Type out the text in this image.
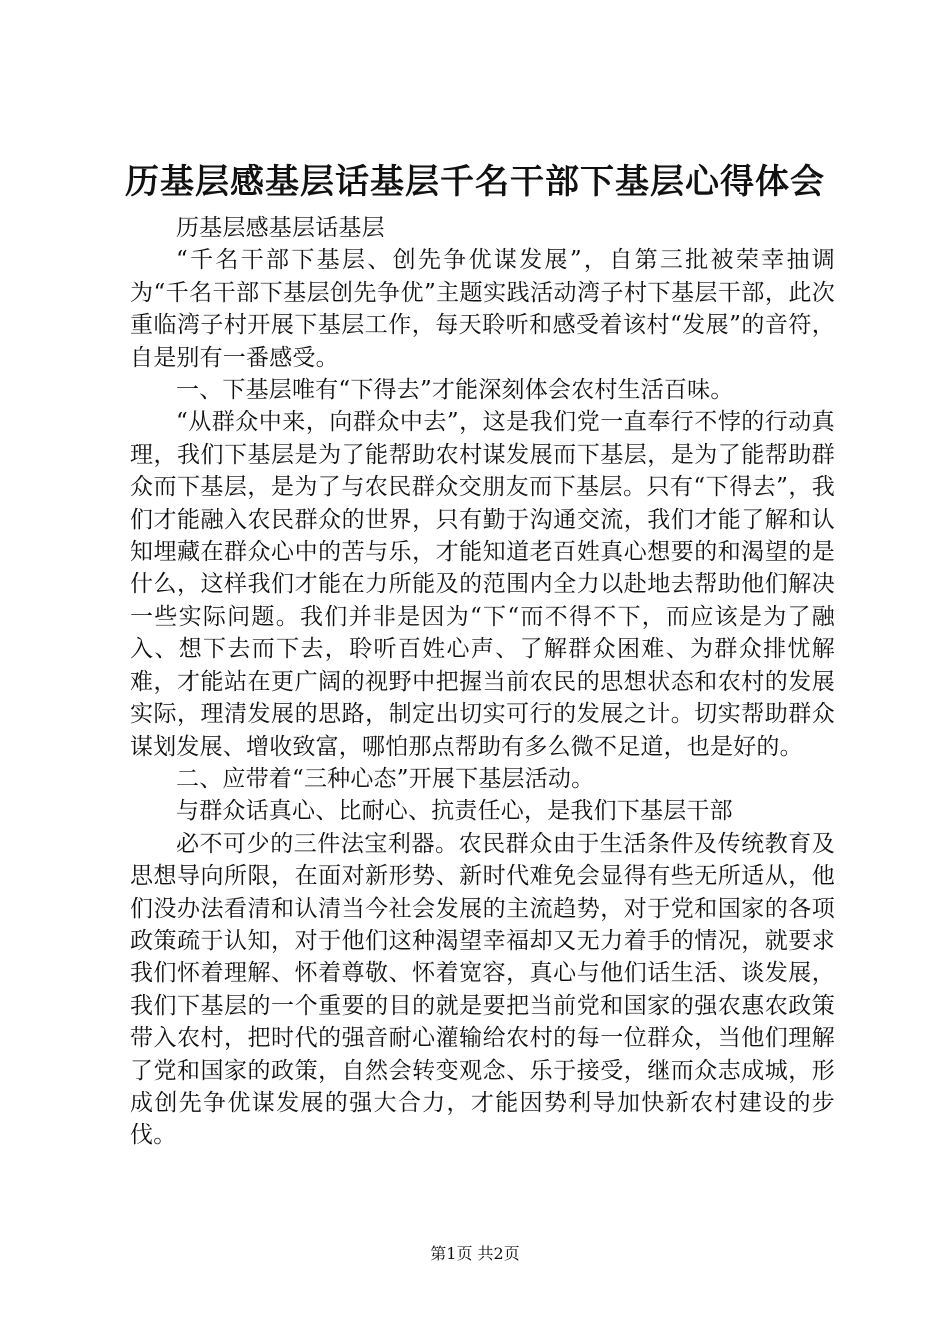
历基层感基层话基层千名干部下基层心得体会

历基层感基层话基层

“千名干部下基层、创先争优谋发展”，自第三批被荣幸抽调为“千名干部下基层创先争优”主题实践活动湾子村下基层干部，此次重临湾子村开展下基层工作，每天聆听和感受着该村“发展”的音符，自是别有一番感受。

一、下基层唯有“下得去”才能深刻体会农村生活百味。

“从群众中来，向群众中去”，这是我们党一直奉行不悖的行动真理，我们下基层是为了能帮助农村谋发展而下基层，是为了能帮助群众而下基层，是为了与农民群众交朋友而下基层。只有“下得去”，我们才能融入农民群众的世界，只有勤于沟通交流，我们才能了解和认知埋藏在群众心中的苦与乐，才能知道老百姓真心想要的和渴望的是什么，这样我们才能在力所能及的范围内全力以赴地去帮助他们解决一些实际问题。我们并非是因为“下“而不得不下，而应该是为了融入、想下去而下去，聆听百姓心声、了解群众困难、为群众排忧解难，才能站在更广阔的视野中把握当前农民的思想状态和农村的发展实际，理清发展的思路，制定出切实可行的发展之计。切实帮助群众谋划发展、增收致富，哪怕那点帮助有多么微不足道，也是好的。

二、应带着“三种心态”开展下基层活动。

与群众话真心、比耐心、抗责任心，是我们下基层干部

必不可少的三件法宝利器。农民群众由于生活条件及传统教育及思想导向所限，在面对新形势、新时代难免会显得有些无所适从，他们没办法看清和认清当今社会发展的主流趋势，对于党和国家的各项政策疏于认知，对于他们这种渴望幸福却又无力着手的情况，就要求我们怀着理解、怀着尊敬、怀着宽容，真心与他们话生活、谈发展，我们下基层的一个重要的目的就是要把当前党和国家的强农惠农政策带入农村，把时代的强音耐心灌输给农村的每一位群众，当他们理解了党和国家的政策，自然会转变观念、乐于接受，继而众志成城，形成创先争优谋发展的强大合力，才能因势利导加快新农村建设的步伐。

第1页 共2页
